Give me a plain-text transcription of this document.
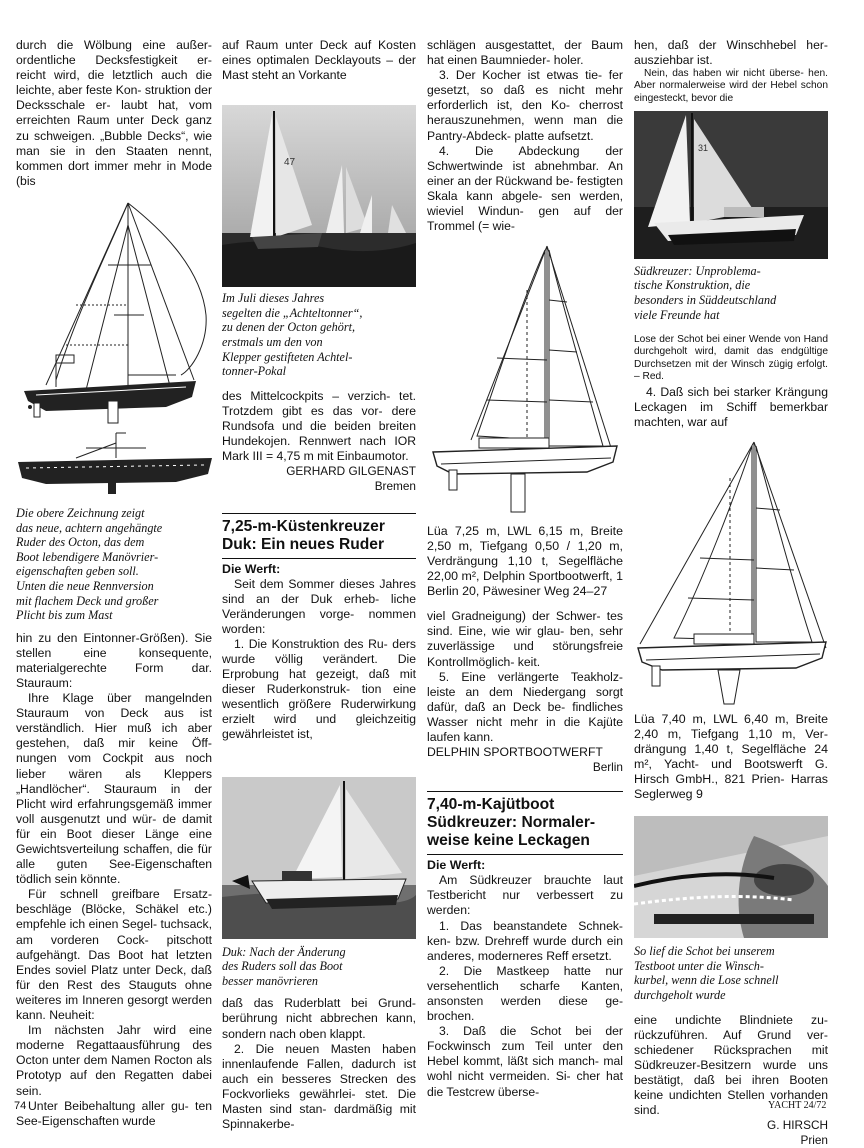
durch die Wölbung eine außer- ordentliche Decksfestigkeit er- reicht wird, die letztlich auch die leichte, aber feste Kon- struktion der Decksschale er- laubt hat, vom erreichten Raum unter Deck ganz zu schweigen. „Bubble Decks“, wie man sie in den Staaten nennt, kommen dort immer mehr in Mode (bis

Die obere Zeichnung zeigt
das neue, achtern angehängte
Ruder des Octon, das dem
Boot lebendigere Manövrier-
eigenschaften geben soll.
Unten die neue Rennversion
mit flachem Deck und großer
Plicht bis zum Mast

hin zu den Eintonner-Größen). Sie stellen eine konsequente, materialgerechte Form dar. Stauraum:

Ihre Klage über mangelnden Stauraum von Deck aus ist verständlich. Hier muß ich aber gestehen, daß mir keine Öff- nungen vom Cockpit aus noch lieber wären als Kleppers „Handlöcher“. Stauraum in der Plicht wird erfahrungsgemäß immer voll ausgenutzt und wür- de damit für ein Boot dieser Länge eine Gewichtsverteilung schaffen, die für alle guten See-Eigenschaften tödlich sein könnte.

Für schnell greifbare Ersatz- beschläge (Blöcke, Schäkel etc.) empfehle ich einen Segel- tuchsack, am vorderen Cock- pitschott aufgehängt. Das Boot hat letzten Endes soviel Platz unter Deck, daß für den Rest des Stauguts ohne weiteres im Inneren gesorgt werden kann. Neuheit:

Im nächsten Jahr wird eine moderne Regattaausführung des Octon unter dem Namen Rocton als Prototyp auf den Regatten dabei sein.

Unter Beibehaltung aller gu- ten See-Eigenschaften wurde

auf Raum unter Deck auf Kosten eines optimalen Decklayouts – der Mast steht an Vorkante

47
Im Juli dieses Jahres
segelten die „Achteltonner“,
zu denen der Octon gehört,
erstmals um den von
Klepper gestifteten Achtel-
tonner-Pokal

des Mittelcockpits – verzich- tet. Trotzdem gibt es das vor- dere Rundsofa und die beiden breiten Hundekojen. Rennwert nach IOR Mark III = 4,75 m mit Einbaumotor.

GERHARD GILGENAST

Bremen

7,25-m-Küstenkreuzer
Duk: Ein neues Ruder

Die Werft:

Seit dem Sommer dieses Jahres sind an der Duk erheb- liche Veränderungen vorge- nommen worden:

1. Die Konstruktion des Ru- ders wurde völlig verändert. Die Erprobung hat gezeigt, daß mit dieser Ruderkonstruk- tion eine wesentlich größere Ruderwirkung erzielt wird und gleichzeitig gewährleistet ist,

Duk: Nach der Änderung
des Ruders soll das Boot
besser manövrieren

daß das Ruderblatt bei Grund- berührung nicht abbrechen kann, sondern nach oben klappt.

2. Die neuen Masten haben innenlaufende Fallen, dadurch ist auch ein besseres Strecken des Fockvorlieks gewährlei- stet. Die Masten sind stan- dardmäßig mit Spinnakerbe-

schlägen ausgestattet, der Baum hat einen Baumnieder- holer.

3. Der Kocher ist etwas tie- fer gesetzt, so daß es nicht mehr erforderlich ist, den Ko- cherrost herauszunehmen, wenn man die Pantry-Abdeck- platte aufsetzt.

4. Die Abdeckung der Schwertwinde ist abnehmbar. An einer an der Rückwand be- festigten Skala kann abgele- sen werden, wieviel Windun- gen auf der Trommel (= wie-

Lüa 7,25 m, LWL 6,15 m, Breite 2,50 m, Tiefgang 0,50 / 1,20 m, Verdrängung 1,10 t, Segelfläche 22,00 m², Delphin Sportbootwerft, 1 Berlin 20, Päwesiner Weg 24–27

viel Gradneigung) der Schwer- tes sind. Eine, wie wir glau- ben, sehr zuverlässige und störungsfreie Kontrollmöglich- keit.

5. Eine verlängerte Teakholz- leiste an dem Niedergang sorgt dafür, daß an Deck be- findliches Wasser nicht mehr in die Kajüte laufen kann.

DELPHIN SPORTBOOTWERFT

Berlin

7,40-m-Kajütboot
Südkreuzer: Normaler-
weise keine Leckagen

Die Werft:

Am Südkreuzer brauchte laut Testbericht nur verbessert zu werden:

1. Das beanstandete Schnek- ken- bzw. Drehreff wurde durch ein anderes, moderneres Reff ersetzt.

2. Die Mastkeep hatte nur versehentlich scharfe Kanten, ansonsten werden diese ge- brochen.

3. Daß die Schot bei der Fockwinsch zum Teil unter den Hebel kommt, läßt sich manch- mal wohl nicht vermeiden. Si- cher hat die Testcrew überse-

hen, daß der Winschhebel her- ausziehbar ist.

Nein, das haben wir nicht überse- hen. Aber normalerweise wird der Hebel schon eingesteckt, bevor die

31
Südkreuzer: Unproblema-
tische Konstruktion, die
besonders in Süddeutschland
viele Freunde hat

Lose der Schot bei einer Wende von Hand durchgeholt wird, damit das endgültige Durchsetzen mit der Winsch zügig erfolgt. – Red.

4. Daß sich bei starker Krängung Leckagen im Schiff bemerkbar machten, war auf

Lüa 7,40 m, LWL 6,40 m, Breite 2,40 m, Tiefgang 1,10 m, Ver- drängung 1,40 t, Segelfläche 24 m², Yacht- und Bootswerft G. Hirsch GmbH., 821 Prien- Harras Seglerweg 9

So lief die Schot bei unserem
Testboot unter die Winsch-
kurbel, wenn die Lose schnell
durchgeholt wurde

eine undichte Blindniete zu- rückzuführen. Auf Grund ver- schiedener Rücksprachen mit Südkreuzer-Besitzern wurde uns bestätigt, daß bei ihren Booten keine undichten Stellen vorhanden sind.

G. HIRSCH

Prien

74	YACHT 24/72
